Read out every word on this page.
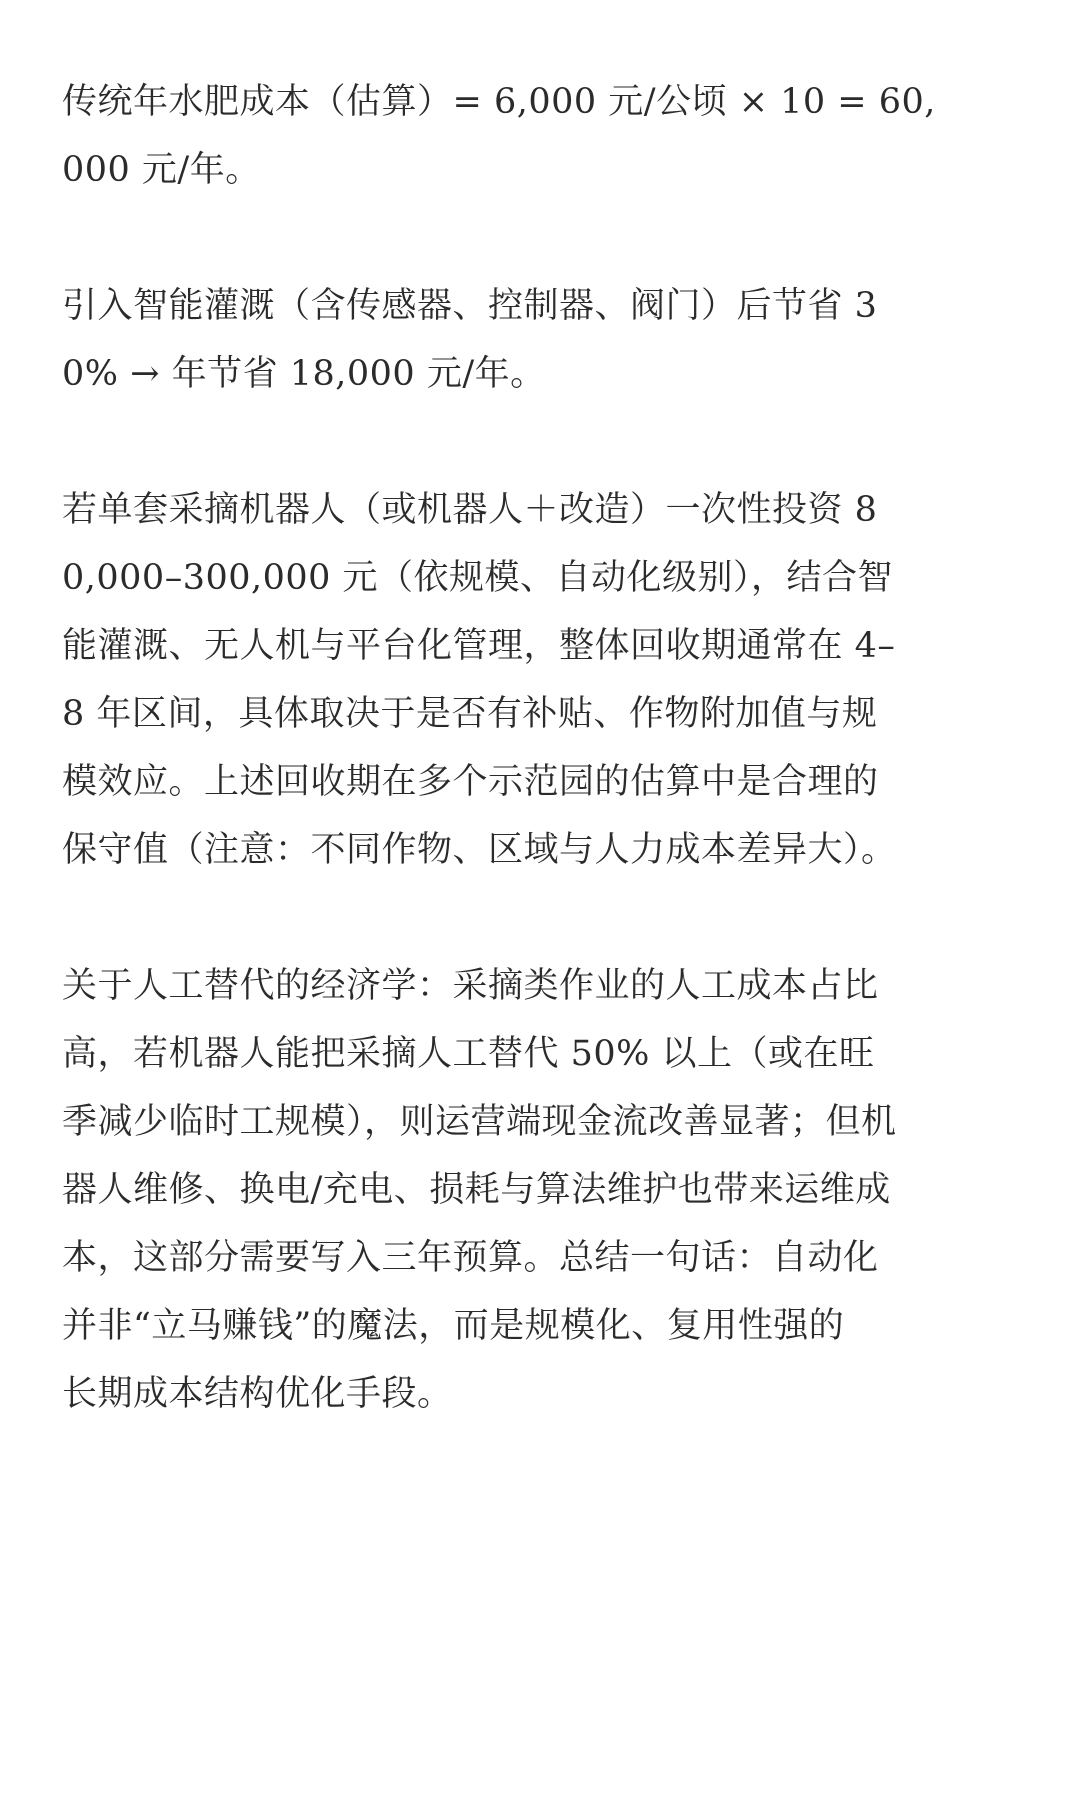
传统年水肥成本（估算）= 6,000 元/公顷 × 10 = 60,
000 元/年。

引入智能灌溉（含传感器、控制器、阀门）后节省 3
0% → 年节省 18,000 元/年。

若单套采摘机器人（或机器人＋改造）一次性投资 8
0,000–300,000 元（依规模、自动化级别），结合智
能灌溉、无人机与平台化管理，整体回收期通常在 4–
8 年区间，具体取决于是否有补贴、作物附加值与规
模效应。上述回收期在多个示范园的估算中是合理的
保守值（注意：不同作物、区域与人力成本差异大）。

关于人工替代的经济学：采摘类作业的人工成本占比
高，若机器人能把采摘人工替代 50% 以上（或在旺
季减少临时工规模），则运营端现金流改善显著；但机
器人维修、换电/充电、损耗与算法维护也带来运维成
本，这部分需要写入三年预算。总结一句话：自动化
并非“立马赚钱”的魔法，而是规模化、复用性强的
长期成本结构优化手段。
